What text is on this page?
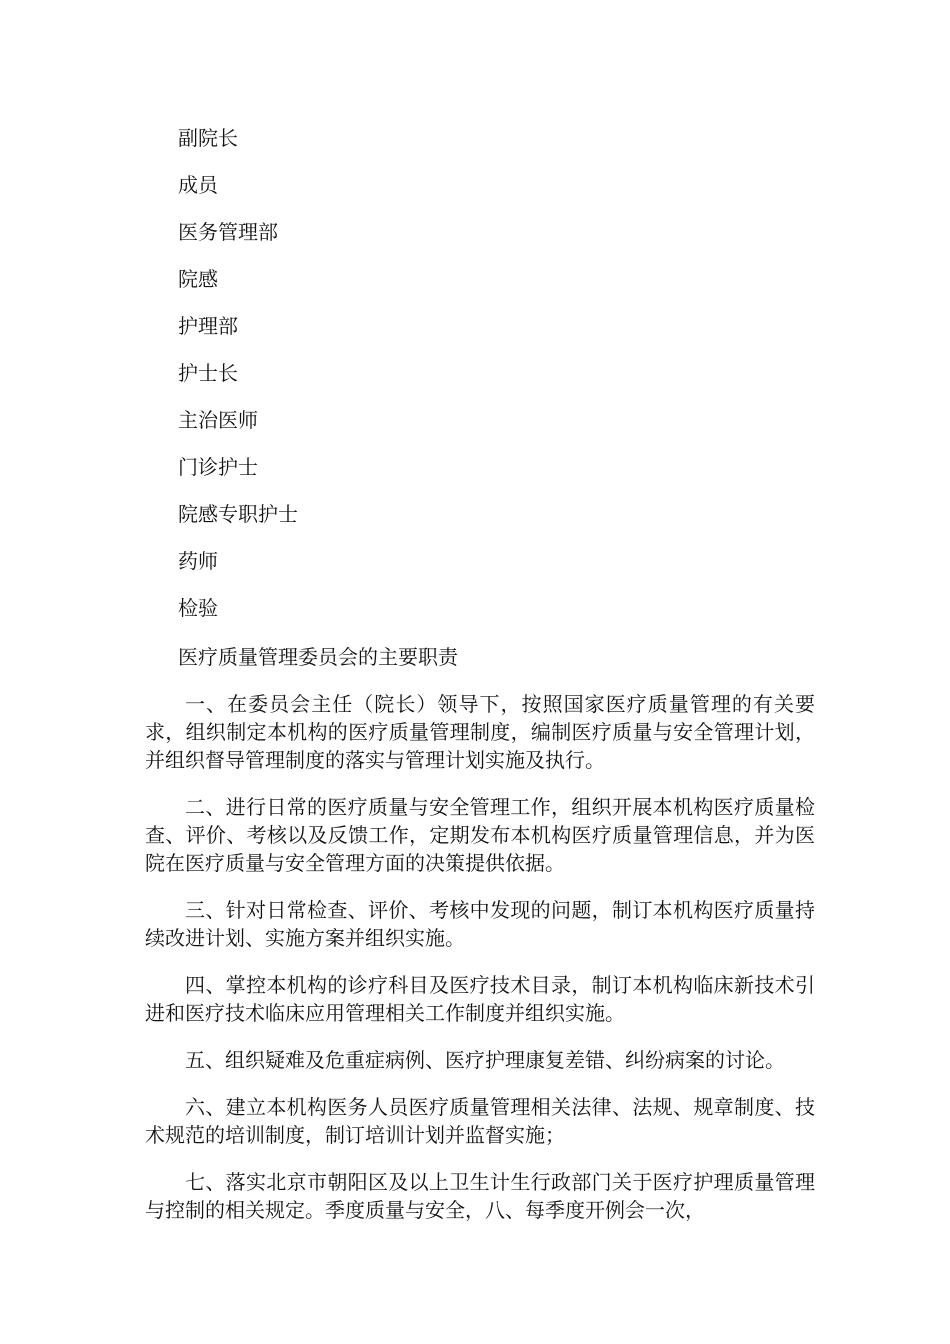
副院长
成员
医务管理部
院感
护理部
护士长
主治医师
门诊护士
院感专职护士
药师
检验
医疗质量管理委员会的主要职责

一、在委员会主任（院长）领导下，按照国家医疗质量管理的有关要求，组织制定本机构的医疗质量管理制度，编制医疗质量与安全管理计划，并组织督导管理制度的落实与管理计划实施及执行。

二、进行日常的医疗质量与安全管理工作，组织开展本机构医疗质量检查、评价、考核以及反馈工作，定期发布本机构医疗质量管理信息，并为医院在医疗质量与安全管理方面的决策提供依据。

三、针对日常检查、评价、考核中发现的问题，制订本机构医疗质量持续改进计划、实施方案并组织实施。

四、掌控本机构的诊疗科目及医疗技术目录，制订本机构临床新技术引进和医疗技术临床应用管理相关工作制度并组织实施。

五、组织疑难及危重症病例、医疗护理康复差错、纠纷病案的讨论。

六、建立本机构医务人员医疗质量管理相关法律、法规、规章制度、技术规范的培训制度，制订培训计划并监督实施；

七、落实北京市朝阳区及以上卫生计生行政部门关于医疗护理质量管理与控制的相关规定。季度质量与安全，八、每季度开例会一次，
